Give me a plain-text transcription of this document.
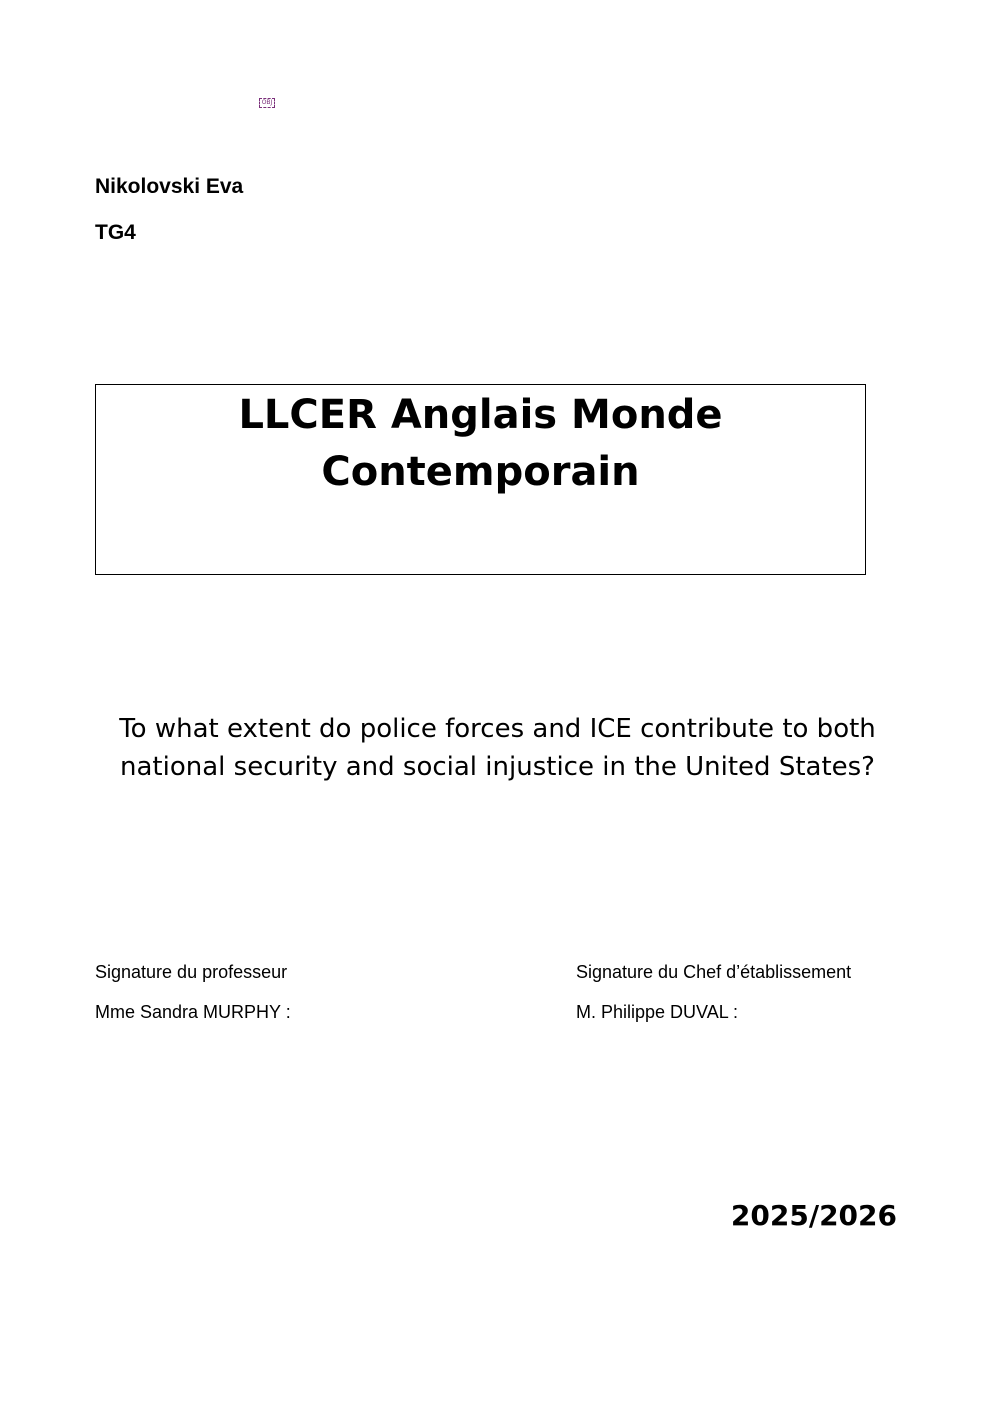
OBJ
Nikolovski Eva
TG4
LLCER Anglais Monde
Contemporain
To what extent do police forces and ICE contribute to both
national security and social injustice in the United States?
Signature du professeur
Mme Sandra MURPHY :
Signature du Chef d’établissement
M. Philippe DUVAL :
2025/2026
